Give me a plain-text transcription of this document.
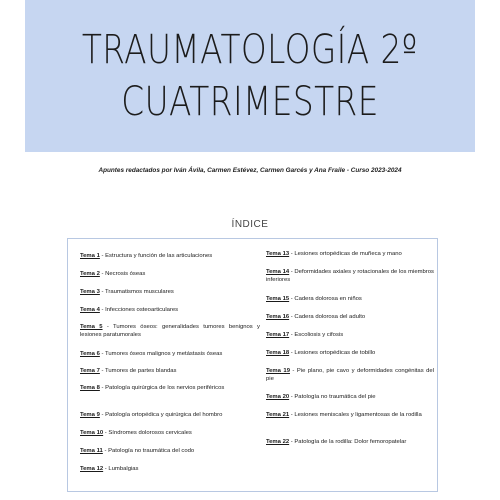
TRAUMATOLOGÍA 2º
CUATRIMESTRE
Apuntes redactados por Iván Ávila, Carmen Estévez, Carmen Garcés y Ana Fraile - Curso 2023-2024
ÍNDICE
Tema 1 - Estructura y función de las articulaciones
Tema 2 - Necrosis óseas
Tema 3 - Traumatismos musculares
Tema 4 - Infecciones osteoarticulares
Tema 5 - Tumores óseos: generalidades tumores benignos y lesiones paratumorales
Tema 6 - Tumores óseos malignos y metástasis óseas
Tema 7 - Tumores de partes blandas
Tema 8 - Patología quirúrgica de los nervios periféricos
Tema 9 - Patología ortopédica y quirúrgica del hombro
Tema 10 - Síndromes dolorosos cervicales
Tema 11 - Patología no traumática del codo
Tema 12 - Lumbalgias
Tema 13 - Lesiones ortopédicas de muñeca y mano
Tema 14 - Deformidades axiales y rotacionales de los miembros inferiores
Tema 15 - Cadera dolorosa en niños
Tema 16 - Cadera dolorosa del adulto
Tema 17 - Escoliosis y cifosis
Tema 18 - Lesiones ortopédicas de tobillo
Tema 19 - Pie plano, pie cavo y deformidades congénitas del pie
Tema 20 - Patología no traumática del pie
Tema 21 - Lesiones meniscales y ligamentosas de la rodilla
Tema 22 - Patología de la rodilla: Dolor femoropatelar
